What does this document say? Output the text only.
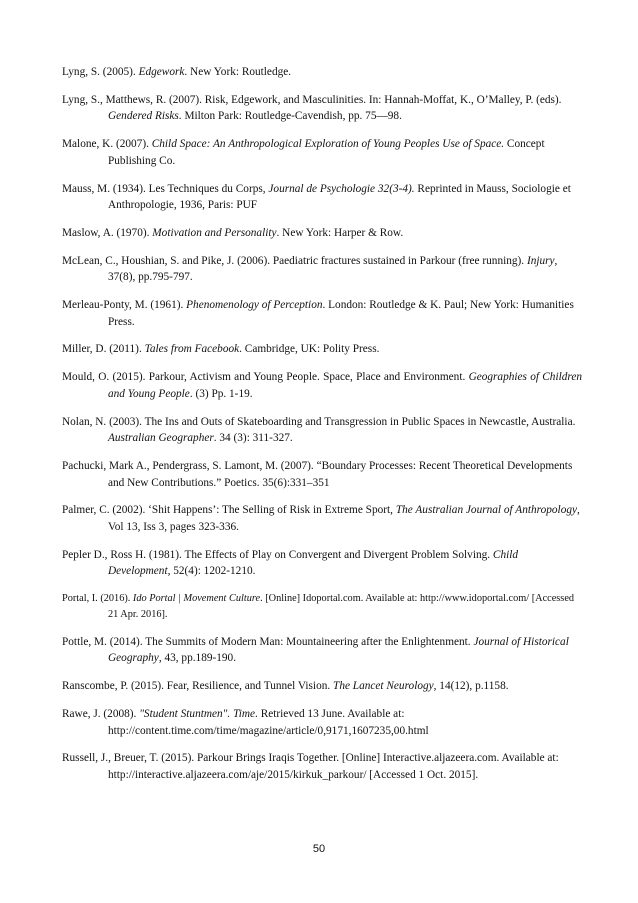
Lyng, S. (2005). Edgework. New York: Routledge.

Lyng, S., Matthews, R. (2007). Risk, Edgework, and Masculinities. In: Hannah-Moffat, K., O’Malley, P. (eds). Gendered Risks. Milton Park: Routledge-Cavendish, pp. 75—98.

Malone, K. (2007). Child Space: An Anthropological Exploration of Young Peoples Use of Space. Concept Publishing Co.

Mauss, M. (1934). Les Techniques du Corps, Journal de Psychologie 32(3-4). Reprinted in Mauss, Sociologie et Anthropologie, 1936, Paris: PUF

Maslow, A. (1970). Motivation and Personality. New York: Harper & Row.

McLean, C., Houshian, S. and Pike, J. (2006). Paediatric fractures sustained in Parkour (free running). Injury, 37(8), pp.795-797.

Merleau-Ponty, M. (1961). Phenomenology of Perception. London: Routledge & K. Paul; New York: Humanities Press.

Miller, D. (2011). Tales from Facebook. Cambridge, UK: Polity Press.

Mould, O. (2015). Parkour, Activism and Young People. Space, Place and Environment. Geographies of Children and Young People. (3) Pp. 1-19.

Nolan, N. (2003). The Ins and Outs of Skateboarding and Transgression in Public Spaces in Newcastle, Australia. Australian Geographer. 34 (3): 311-327.

Pachucki, Mark A., Pendergrass, S. Lamont, M. (2007). “Boundary Processes: Recent Theoretical Developments and New Contributions.” Poetics. 35(6):331–351

Palmer, C. (2002). ‘Shit Happens’: The Selling of Risk in Extreme Sport, The Australian Journal of Anthropology, Vol 13, Iss 3, pages 323-336.

Pepler D., Ross H. (1981). The Effects of Play on Convergent and Divergent Problem Solving. Child Development, 52(4): 1202-1210.

Portal, I. (2016). Ido Portal | Movement Culture. [Online] Idoportal.com. Available at: http://www.idoportal.com/ [Accessed 21 Apr. 2016].

Pottle, M. (2014). The Summits of Modern Man: Mountaineering after the Enlightenment. Journal of Historical Geography, 43, pp.189-190.

Ranscombe, P. (2015). Fear, Resilience, and Tunnel Vision. The Lancet Neurology, 14(12), p.1158.

Rawe, J. (2008). "Student Stuntmen". Time. Retrieved 13 June. Available at: http://content.time.com/time/magazine/article/0,9171,1607235,00.html

Russell, J., Breuer, T. (2015). Parkour Brings Iraqis Together. [Online] Interactive.aljazeera.com. Available at: http://interactive.aljazeera.com/aje/2015/kirkuk_parkour/ [Accessed 1 Oct. 2015].

50
